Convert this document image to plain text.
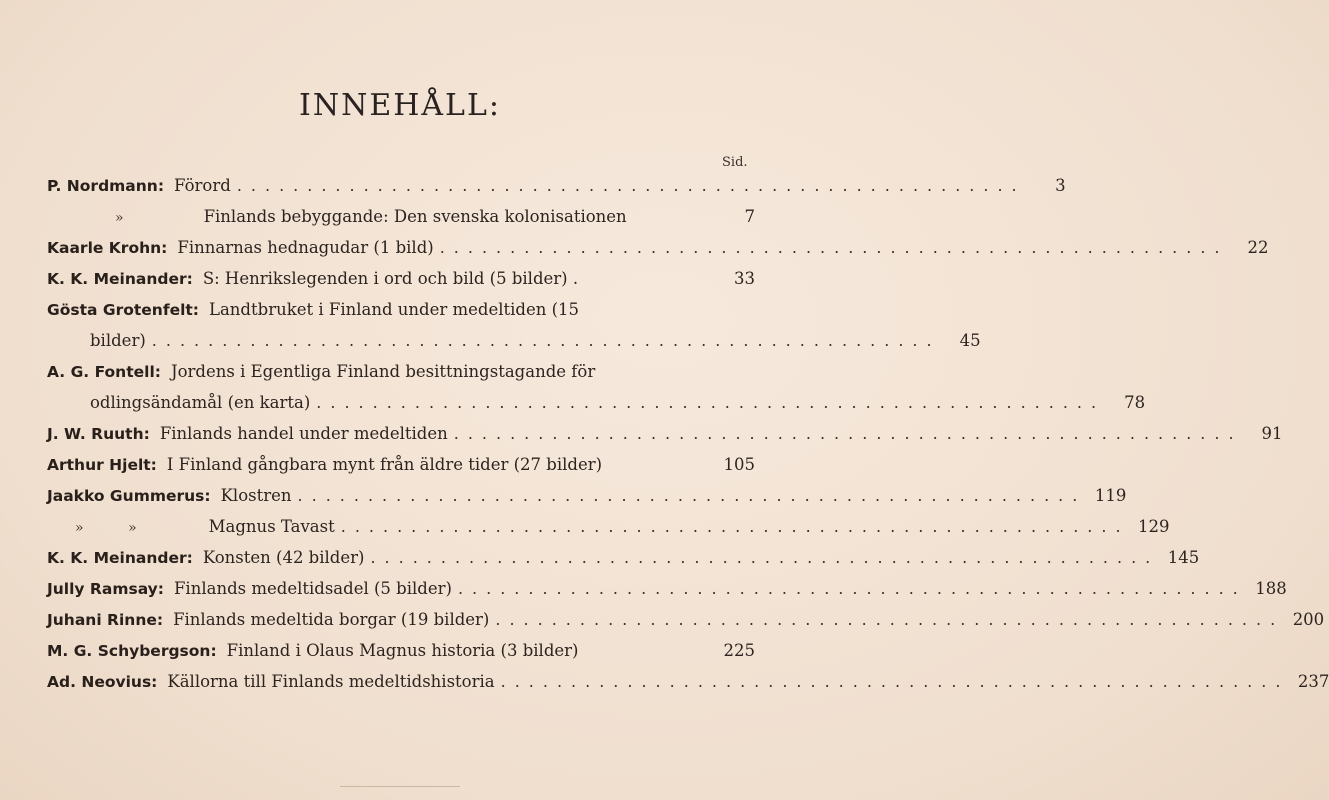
INNEHÅLL:
Sid.
P. Nordmann: Förord ........................................................	3
»	Finlands bebyggande: Den svenska kolonisationen	7
Kaarle Krohn: Finnarnas hednagudar (1 bild) ........................................................	22
K. K. Meinander: S: Henrikslegenden i ord och bild (5 bilder) .	33
Gösta Grotenfelt: Landtbruket i Finland under medeltiden (15
bilder) ........................................................	45
A. G. Fontell: Jordens i Egentliga Finland besittningstagande för
odlingsändamål (en karta) ........................................................	78
J. W. Ruuth: Finlands handel under medeltiden ........................................................	91
Arthur Hjelt: I Finland gångbara mynt från äldre tider (27 bilder)	105
Jaakko Gummerus: Klostren ........................................................ 119
»          »	Magnus Tavast ........................................................ 129
K. K. Meinander: Konsten (42 bilder) ........................................................ 145
Jully Ramsay: Finlands medeltidsadel (5 bilder) ........................................................ 188
Juhani Rinne: Finlands medeltida borgar (19 bilder) ........................................................ 200
M. G. Schybergson: Finland i Olaus Magnus historia (3 bilder)	225
Ad. Neovius: Källorna till Finlands medeltidshistoria ........................................................ 237
